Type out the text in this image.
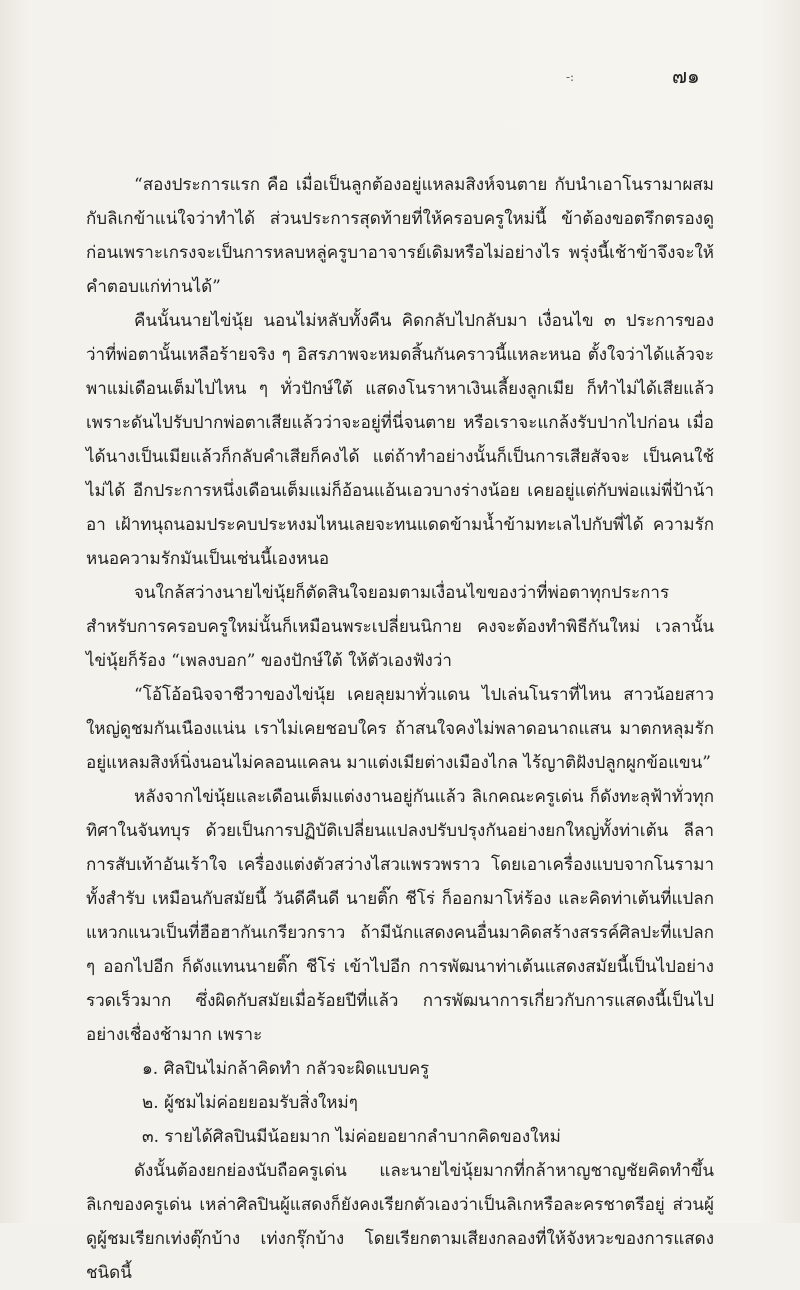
-:	๗๑

“สองประการแรก คือ เมื่อเป็นลูกต้องอยู่แหลมสิงห์จนตาย กับนำเอาโนรามาผสมกับลิเกข้าแน่ใจว่าทำได้ ส่วนประการสุดท้ายที่ให้ครอบครูใหม่นี้ ข้าต้องขอตรึกตรองดูก่อนเพราะเกรงจะเป็นการหลบหลู่ครูบาอาจารย์เดิมหรือไม่อย่างไร พรุ่งนี้เช้าข้าจึงจะให้คำตอบแก่ท่านได้”

คืนนั้นนายไข่นุ้ย นอนไม่หลับทั้งคืน คิดกลับไปกลับมา เงื่อนไข ๓ ประการของว่าที่พ่อตานั้นเหลือร้ายจริง ๆ อิสรภาพจะหมดสิ้นกันคราวนี้แหละหนอ ตั้งใจว่าได้แล้วจะพาแม่เดือนเต็มไปไหน ๆ ทั่วปักษ์ใต้ แสดงโนราหาเงินเลี้ยงลูกเมีย ก็ทำไม่ได้เสียแล้ว เพราะดันไปรับปากพ่อตาเสียแล้วว่าจะอยู่ที่นี่จนตาย หรือเราจะแกล้งรับปากไปก่อน เมื่อได้นางเป็นเมียแล้วก็กลับคำเสียก็คงได้ แต่ถ้าทำอย่างนั้นก็เป็นการเสียสัจจะ เป็นคนใช้ไม่ได้ อีกประการหนึ่งเดือนเต็มแม่ก็อ้อนแอ้นเอวบางร่างน้อย เคยอยู่แต่กับพ่อแม่พี่ป้าน้าอา เฝ้าทนุถนอมประคบประหงมไหนเลยจะทนแดดข้ามน้ำข้ามทะเลไปกับพี่ได้ ความรักหนอความรักมันเป็นเช่นนี้เองหนอ

จนใกล้สว่างนายไข่นุ้ยก็ตัดสินใจยอมตามเงื่อนไขของว่าที่พ่อตาทุกประการ สำหรับการครอบครูใหม่นั้นก็เหมือนพระเปลี่ยนนิกาย คงจะต้องทำพิธีกันใหม่ เวลานั้นไข่นุ้ยก็ร้อง “เพลงบอก” ของปักษ์ใต้ ให้ตัวเองฟังว่า

“โอ้โอ้อนิจจาชีวาของไข่นุ้ย เคยลุยมาทั่วแดน ไปเล่นโนราที่ไหน สาวน้อยสาวใหญ่ดูชมกันเนืองแน่น เราไม่เคยชอบใคร ถ้าสนใจคงไม่พลาดอนาถแสน มาตกหลุมรักอยู่แหลมสิงห์นิ่งนอนไม่คลอนแคลน มาแต่งเมียต่างเมืองไกล ไร้ญาติฝังปลูกผูกข้อแขน”

หลังจากไข่นุ้ยและเดือนเต็มแต่งงานอยู่กันแล้ว ลิเกคณะครูเด่น ก็ดังทะลุฟ้าทั่วทุกทิศาในจันทบุร ด้วยเป็นการปฏิบัติเปลี่ยนแปลงปรับปรุงกันอย่างยกใหญ่ทั้งท่าเต้น ลีลาการสับเท้าอันเร้าใจ เครื่องแต่งตัวสว่างไสวแพรวพราว โดยเอาเครื่องแบบจากโนรามาทั้งสำรับ เหมือนกับสมัยนี้ วันดีคืนดี นายติ๊ก ชีโร่ ก็ออกมาโห่ร้อง และคิดท่าเต้นที่แปลกแหวกแนวเป็นที่ฮือฮากันเกรียวกราว ถ้ามีนักแสดงคนอื่นมาคิดสร้างสรรค์ศิลปะที่แปลก ๆ ออกไปอีก ก็ดังแทนนายติ๊ก ชีโร่ เข้าไปอีก การพัฒนาท่าเต้นแสดงสมัยนี้เป็นไปอย่างรวดเร็วมาก ซึ่งผิดกับสมัยเมื่อร้อยปีที่แล้ว การพัฒนาการเกี่ยวกับการแสดงนี้เป็นไปอย่างเชื่องช้ามาก เพราะ

๑. ศิลปินไม่กล้าคิดทำ กลัวจะผิดแบบครู

๒. ผู้ชมไม่ค่อยยอมรับสิ่งใหม่ๆ

๓. รายได้ศิลปินมีน้อยมาก ไม่ค่อยอยากลำบากคิดของใหม่

ดังนั้นต้องยกย่องนับถือครูเด่น และนายไข่นุ้ยมากที่กล้าหาญชาญชัยคิดทำขึ้น ลิเกของครูเด่น เหล่าศิลปินผู้แสดงก็ยังคงเรียกตัวเองว่าเป็นลิเกหรือละครชาตรีอยู่ ส่วนผู้ดูผู้ชมเรียกเท่งตุ๊กบ้าง เท่งกรุ๊กบ้าง โดยเรียกตามเสียงกลองที่ให้จังหวะของการแสดงชนิดนี้
